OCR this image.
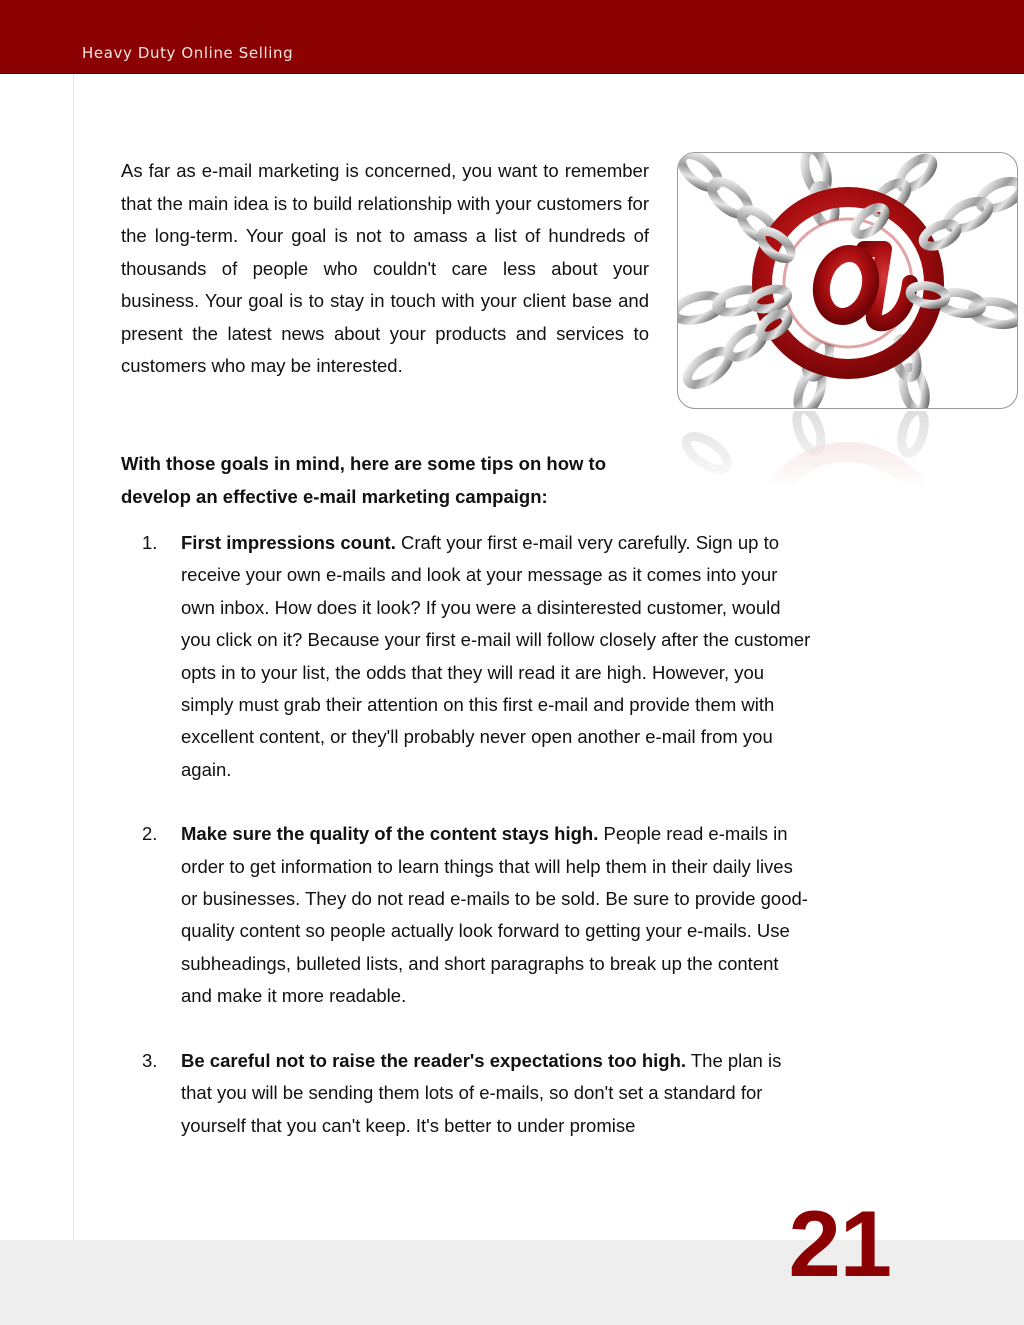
Heavy Duty Online Selling

As far as e-mail marketing is concerned, you want to remember that the main idea is to build relationship with your customers for the long-term. Your goal is not to amass a list of hundreds of thousands of people who couldn't care less about your business. Your goal is to stay in touch with your client base and present the latest news about your products and services to customers who may be interested.

With those goals in mind, here are some tips on how to develop an effective e-mail marketing campaign:

1. First impressions count. Craft your first e-mail very carefully. Sign up to receive your own e-mails and look at your message as it comes into your own inbox. How does it look? If you were a disinterested customer, would you click on it? Because your first e-mail will follow closely after the customer opts in to your list, the odds that they will read it are high. However, you simply must grab their attention on this first e-mail and provide them with excellent content, or they'll probably never open another e-mail from you again.
2. Make sure the quality of the content stays high. People read e-mails in order to get information to learn things that will help them in their daily lives or businesses. They do not read e-mails to be sold. Be sure to provide good-quality content so people actually look forward to getting your e-mails. Use subheadings, bulleted lists, and short paragraphs to break up the content and make it more readable.
3. Be careful not to raise the reader's expectations too high. The plan is that you will be sending them lots of e-mails, so don't set a standard for yourself that you can't keep. It's better to under promise
21
